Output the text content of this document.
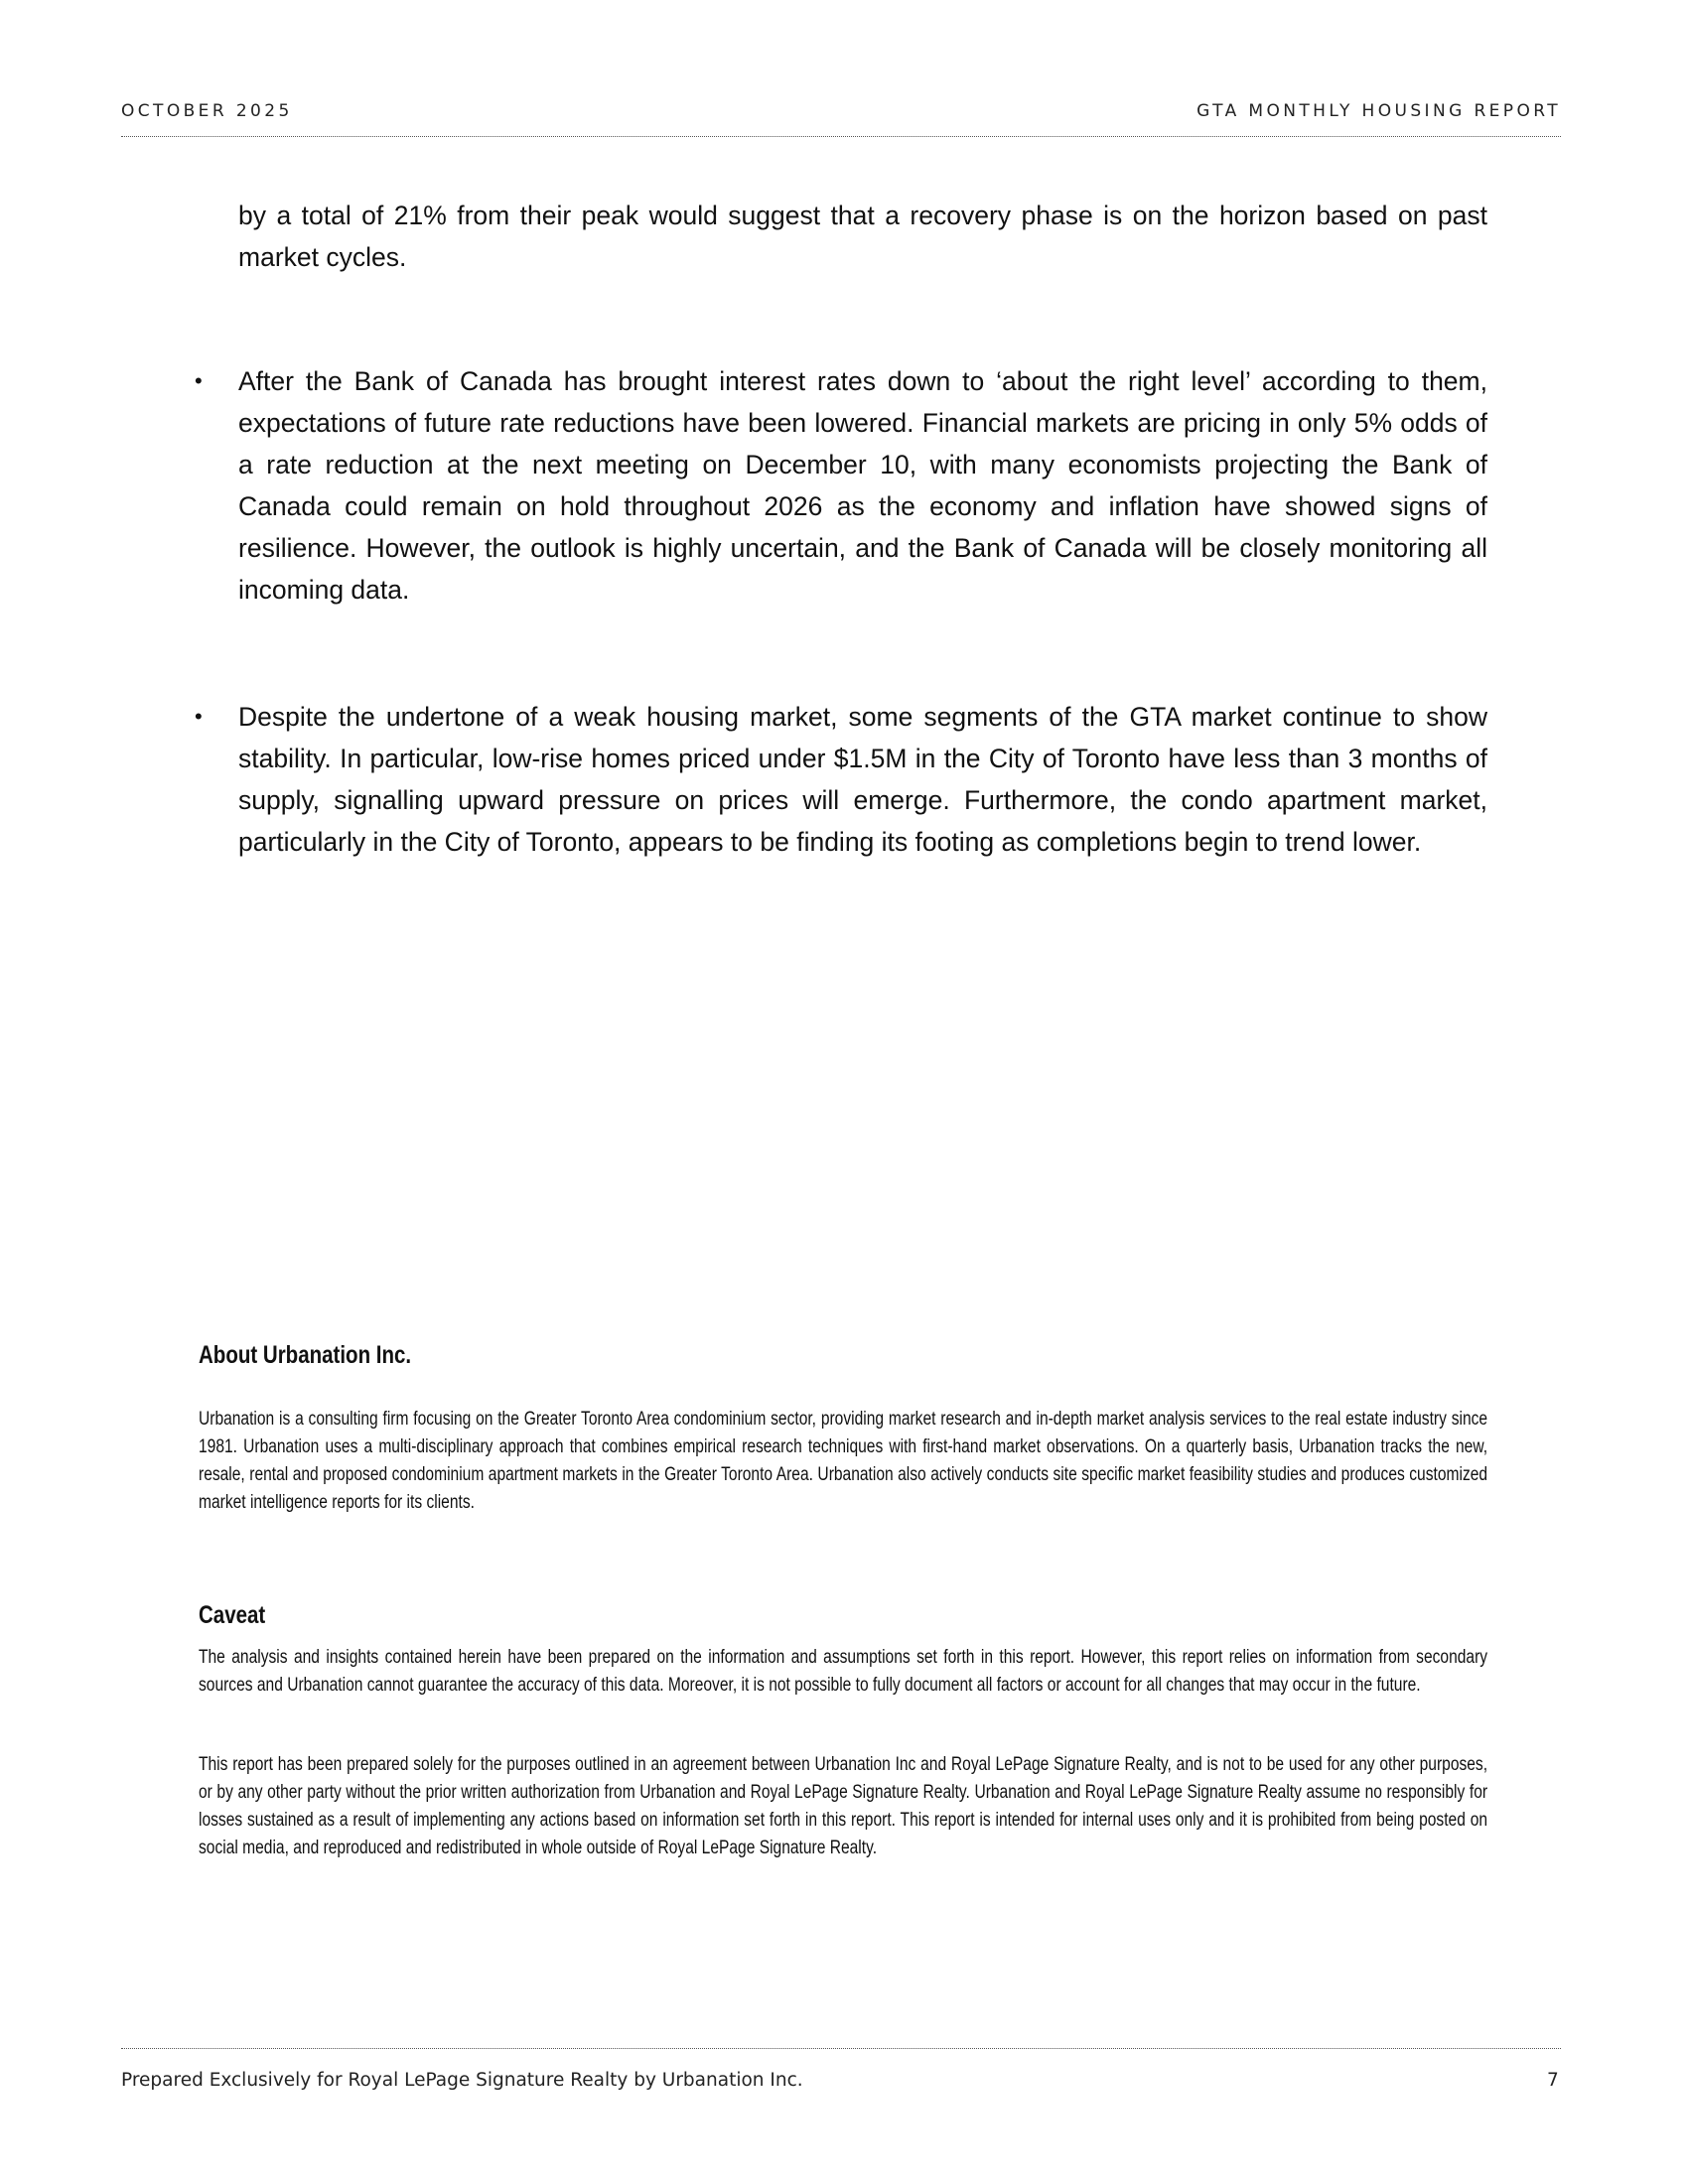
OCTOBER 2025	GTA MONTHLY HOUSING REPORT
by a total of 21% from their peak would suggest that a recovery phase is on the horizon based on past market cycles.
•	After the Bank of Canada has brought interest rates down to ‘about the right level’ according to them, expectations of future rate reductions have been lowered. Financial markets are pricing in only 5% odds of a rate reduction at the next meeting on December 10, with many economists projecting the Bank of Canada could remain on hold throughout 2026 as the economy and inflation have showed signs of resilience. However, the outlook is highly uncertain, and the Bank of Canada will be closely monitoring all incoming data.
•	Despite the undertone of a weak housing market, some segments of the GTA market continue to show stability. In particular, low-rise homes priced under $1.5M in the City of Toronto have less than 3 months of supply, signalling upward pressure on prices will emerge. Furthermore, the condo apartment market, particularly in the City of Toronto, appears to be finding its footing as completions begin to trend lower.
About Urbanation Inc.
Urbanation is a consulting firm focusing on the Greater Toronto Area condominium sector, providing market research and in-depth market analysis services to the real estate industry since 1981. Urbanation uses a multi-disciplinary approach that combines empirical research techniques with first-hand market observations. On a quarterly basis, Urbanation tracks the new, resale, rental and proposed condominium apartment markets in the Greater Toronto Area. Urbanation also actively conducts site specific market feasibility studies and produces customized market intelligence reports for its clients.
Caveat
The analysis and insights contained herein have been prepared on the information and assumptions set forth in this report. However, this report relies on information from secondary sources and Urbanation cannot guarantee the accuracy of this data. Moreover, it is not possible to fully document all factors or account for all changes that may occur in the future.
This report has been prepared solely for the purposes outlined in an agreement between Urbanation Inc and Royal LePage Signature Realty, and is not to be used for any other purposes, or by any other party without the prior written authorization from Urbanation and Royal LePage Signature Realty. Urbanation and Royal LePage Signature Realty assume no responsibly for losses sustained as a result of implementing any actions based on information set forth in this report. This report is intended for internal uses only and it is prohibited from being posted on social media, and reproduced and redistributed in whole outside of Royal LePage Signature Realty.
Prepared Exclusively for Royal LePage Signature Realty by Urbanation Inc.	7
